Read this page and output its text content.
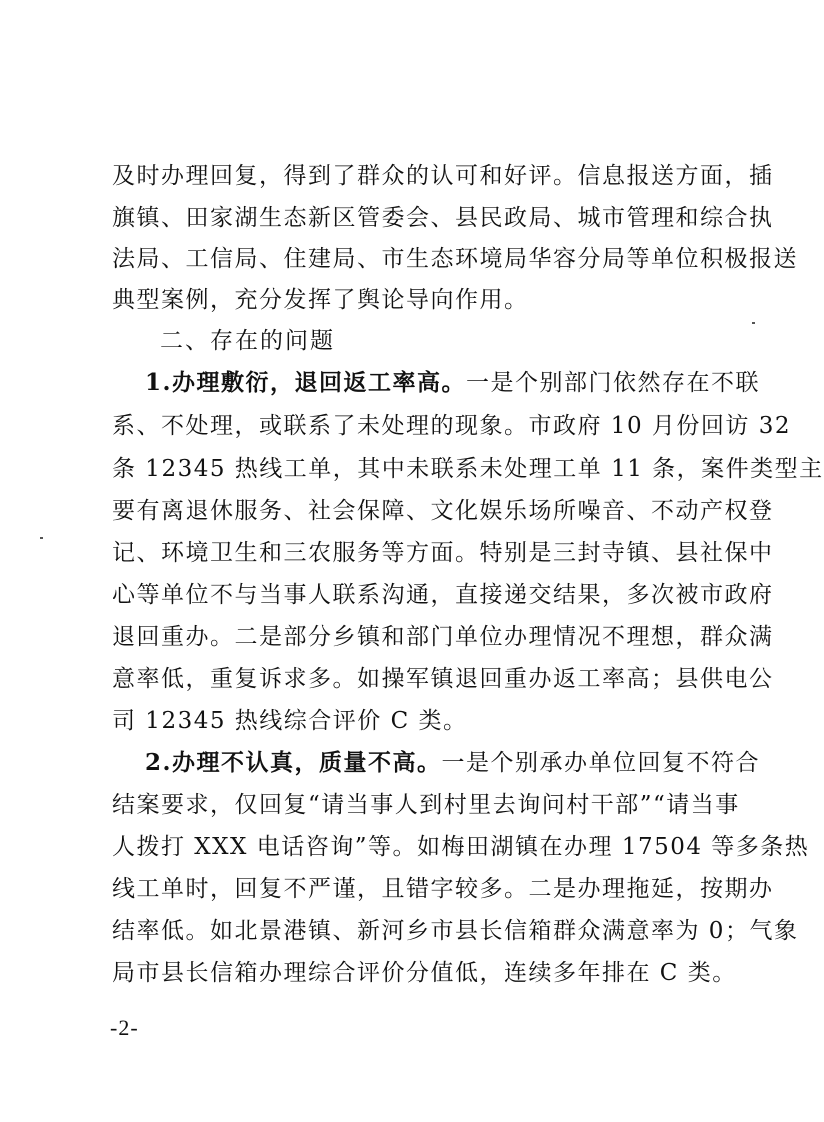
及时办理回复，得到了群众的认可和好评。信息报送方面，插
旗镇、田家湖生态新区管委会、县民政局、城市管理和综合执
法局、工信局、住建局、市生态环境局华容分局等单位积极报送
典型案例，充分发挥了舆论导向作用。
二、存在的问题
1.办理敷衍，退回返工率高。一是个别部门依然存在不联
系、不处理，或联系了未处理的现象。市政府 10 月份回访 32
条 12345 热线工单，其中未联系未处理工单 11 条，案件类型主
要有离退休服务、社会保障、文化娱乐场所噪音、不动产权登
记、环境卫生和三农服务等方面。特别是三封寺镇、县社保中
心等单位不与当事人联系沟通，直接递交结果，多次被市政府
退回重办。二是部分乡镇和部门单位办理情况不理想，群众满
意率低，重复诉求多。如操军镇退回重办返工率高；县供电公
司 12345 热线综合评价 C 类。
2.办理不认真，质量不高。一是个别承办单位回复不符合
结案要求，仅回复“请当事人到村里去询问村干部”“请当事
人拨打 XXX 电话咨询”等。如梅田湖镇在办理 17504 等多条热
线工单时，回复不严谨，且错字较多。二是办理拖延，按期办
结率低。如北景港镇、新河乡市县长信箱群众满意率为 0；气象
局市县长信箱办理综合评价分值低，连续多年排在 C 类。
-2-
